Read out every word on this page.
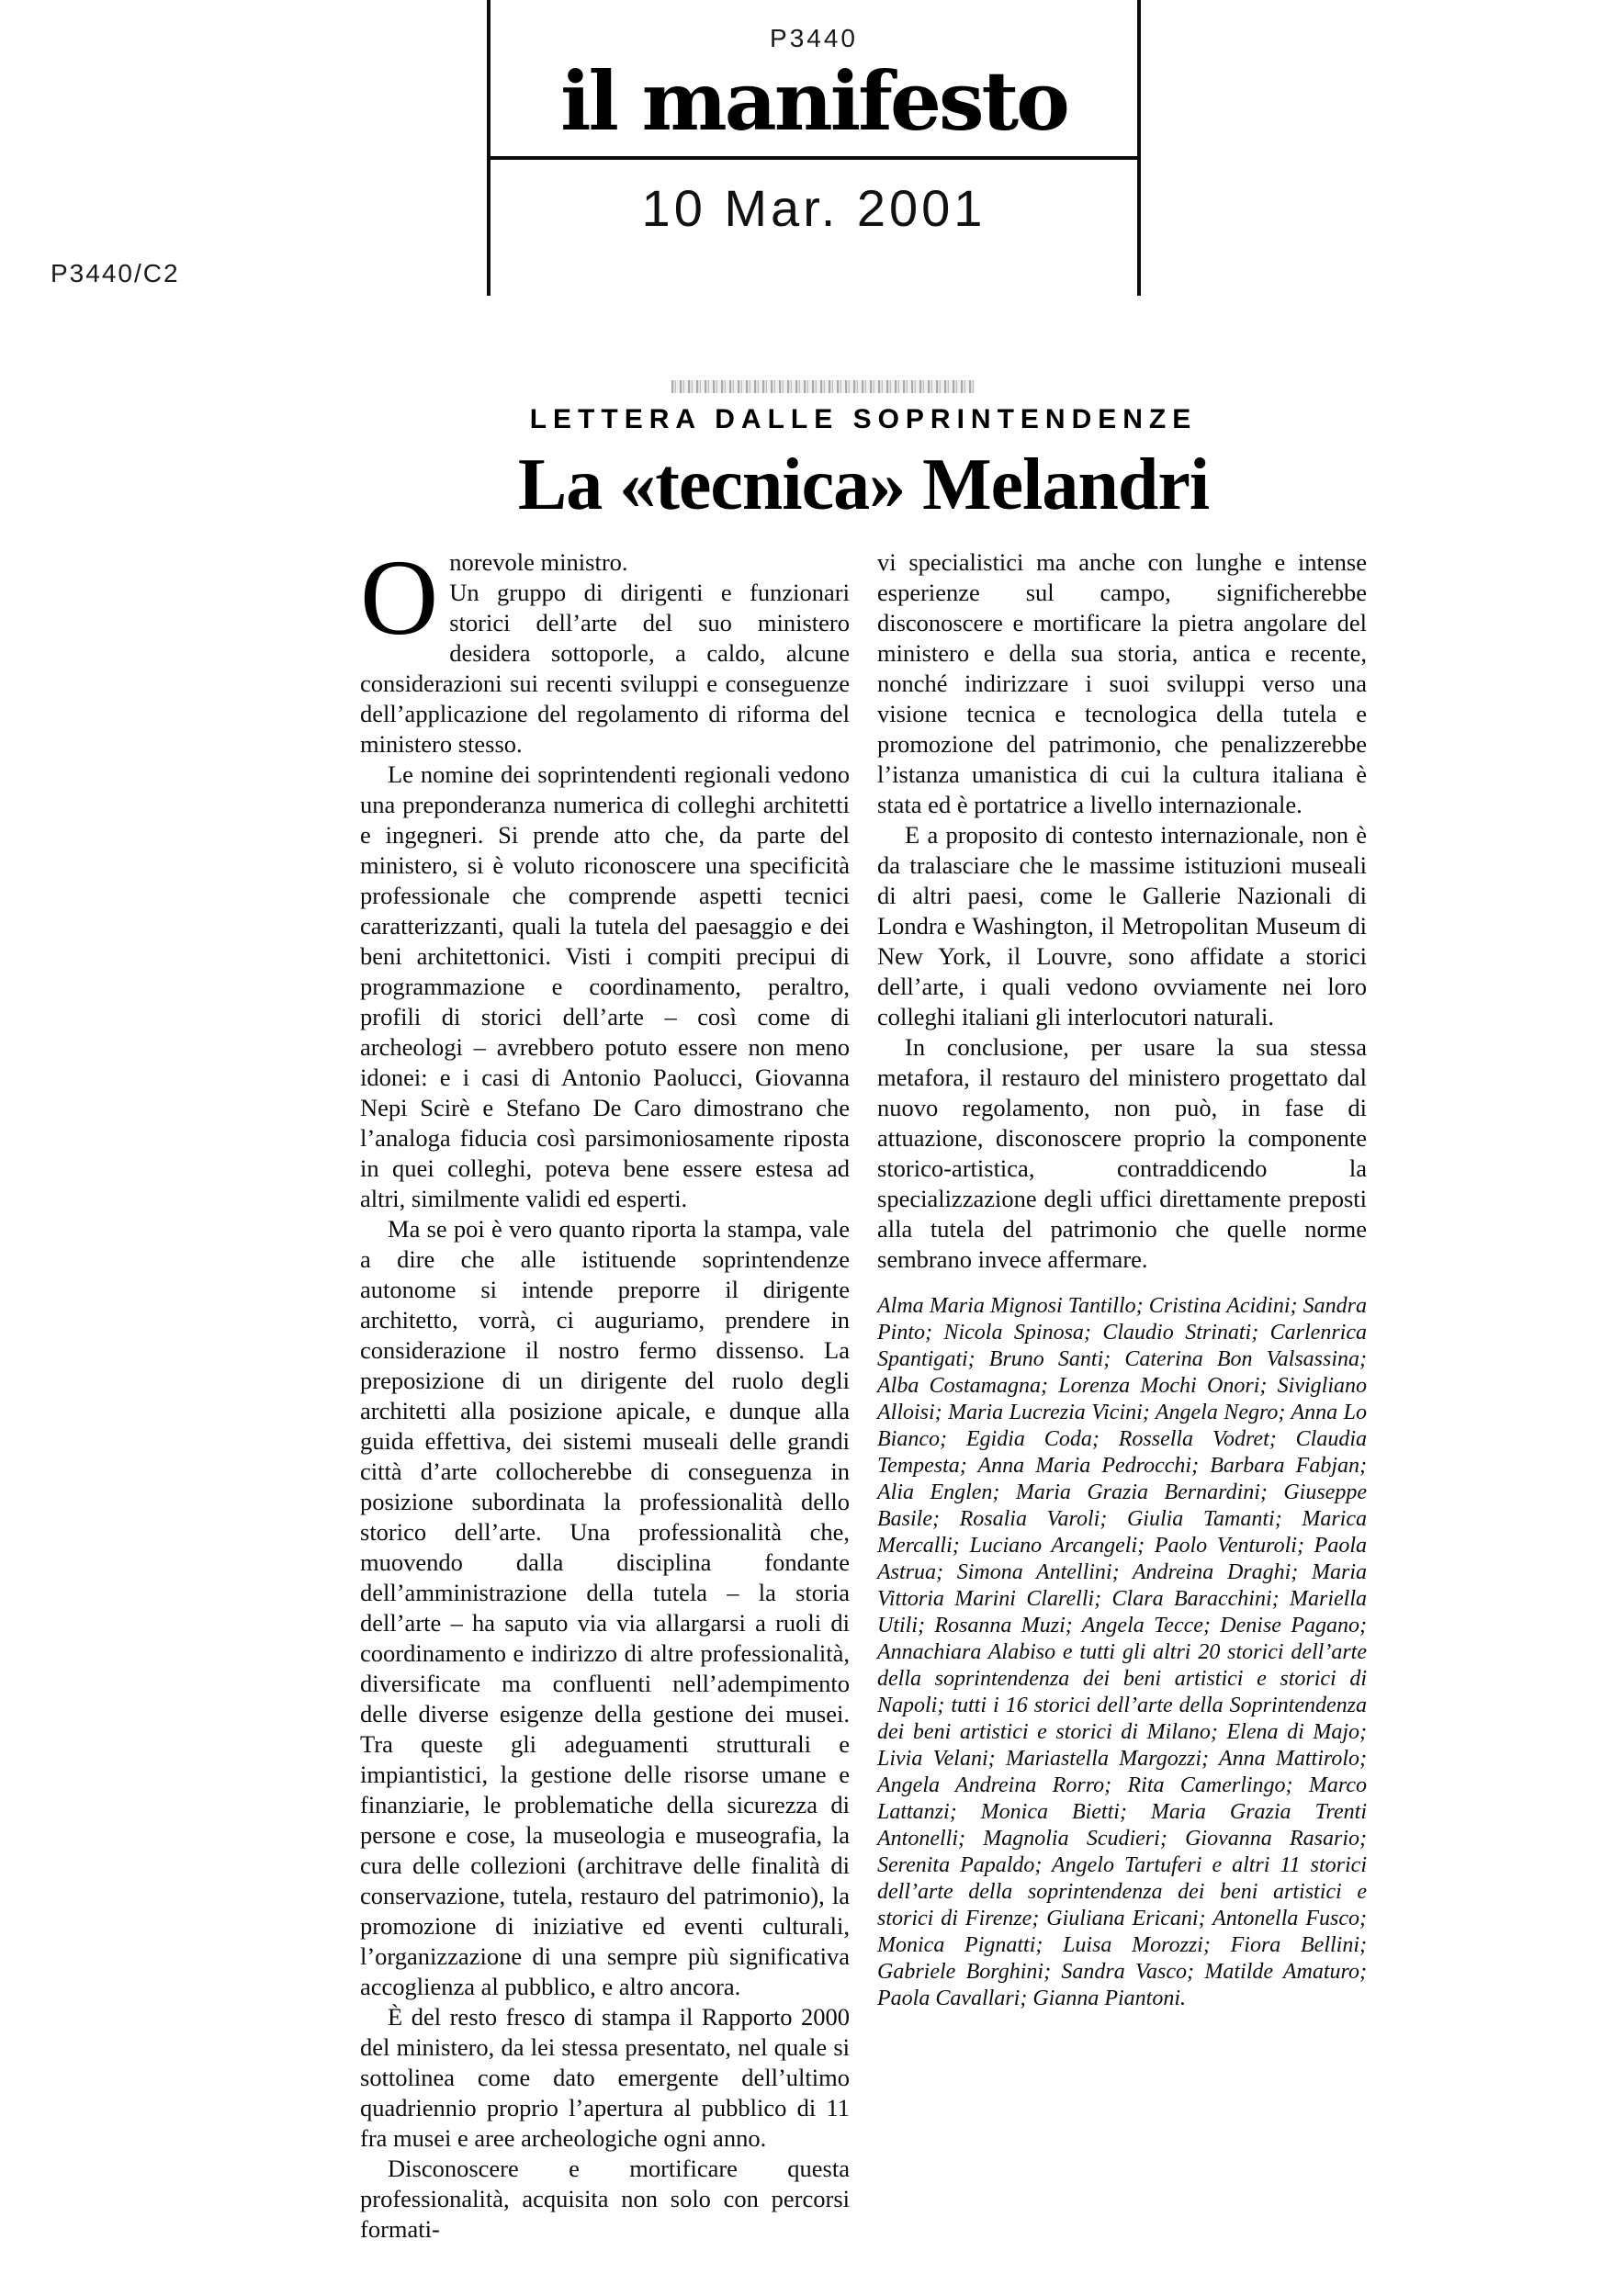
P3440
il manifesto
10 Mar. 2001
P3440/C2
LETTERA DALLE SOPRINTENDENZE
La «tecnica» Melandri

Onorevole ministro.
Un gruppo di dirigenti e funzionari storici dell’arte del suo ministero desidera sottoporle, a caldo, alcune considerazioni sui recenti sviluppi e conseguenze dell’applicazione del regolamento di riforma del ministero stesso.

Le nomine dei soprintendenti regionali vedono una preponderanza numerica di colleghi architetti e ingegneri. Si prende atto che, da parte del ministero, si è voluto riconoscere una specificità professionale che comprende aspetti tecnici caratterizzanti, quali la tutela del paesaggio e dei beni architettonici. Visti i compiti precipui di programmazione e coordinamento, peraltro, profili di storici dell’arte – così come di archeologi – avrebbero potuto essere non meno idonei: e i casi di Antonio Paolucci, Giovanna Nepi Scirè e Stefano De Caro dimostrano che l’analoga fiducia così parsimoniosamente riposta in quei colleghi, poteva bene essere estesa ad altri, similmente validi ed esperti.

Ma se poi è vero quanto riporta la stampa, vale a dire che alle istituende soprintendenze autonome si intende preporre il dirigente architetto, vorrà, ci auguriamo, prendere in considerazione il nostro fermo dissenso. La preposizione di un dirigente del ruolo degli architetti alla posizione apicale, e dunque alla guida effettiva, dei sistemi museali delle grandi città d’arte collocherebbe di conseguenza in posizione subordinata la professionalità dello storico dell’arte. Una professionalità che, muovendo dalla disciplina fondante dell’amministrazione della tutela – la storia dell’arte – ha saputo via via allargarsi a ruoli di coordinamento e indirizzo di altre professionalità, diversificate ma confluenti nell’adempimento delle diverse esigenze della gestione dei musei. Tra queste gli adeguamenti strutturali e impiantistici, la gestione delle risorse umane e finanziarie, le problematiche della sicurezza di persone e cose, la museologia e museografia, la cura delle collezioni (architrave delle finalità di conservazione, tutela, restauro del patrimonio), la promozione di iniziative ed eventi culturali, l’organizzazione di una sempre più significativa accoglienza al pubblico, e altro ancora.

È del resto fresco di stampa il Rapporto 2000 del ministero, da lei stessa presentato, nel quale si sottolinea come dato emergente dell’ultimo quadriennio proprio l’apertura al pubblico di 11 fra musei e aree archeologiche ogni anno.

Disconoscere e mortificare questa professionalità, acquisita non solo con percorsi formati-

vi specialistici ma anche con lunghe e intense esperienze sul campo, significherebbe disconoscere e mortificare la pietra angolare del ministero e della sua storia, antica e recente, nonché indirizzare i suoi sviluppi verso una visione tecnica e tecnologica della tutela e promozione del patrimonio, che penalizzerebbe l’istanza umanistica di cui la cultura italiana è stata ed è portatrice a livello internazionale.

E a proposito di contesto internazionale, non è da tralasciare che le massime istituzioni museali di altri paesi, come le Gallerie Nazionali di Londra e Washington, il Metropolitan Museum di New York, il Louvre, sono affidate a storici dell’arte, i quali vedono ovviamente nei loro colleghi italiani gli interlocutori naturali.

In conclusione, per usare la sua stessa metafora, il restauro del ministero progettato dal nuovo regolamento, non può, in fase di attuazione, disconoscere proprio la componente storico-artistica, contraddicendo la specializzazione degli uffici direttamente preposti alla tutela del patrimonio che quelle norme sembrano invece affermare.

Alma Maria Mignosi Tantillo; Cristina Acidini; Sandra Pinto; Nicola Spinosa; Claudio Strinati; Carlenrica Spantigati; Bruno Santi; Caterina Bon Valsassina; Alba Costamagna; Lorenza Mochi Onori; Sivigliano Alloisi; Maria Lucrezia Vicini; Angela Negro; Anna Lo Bianco; Egidia Coda; Rossella Vodret; Claudia Tempesta; Anna Maria Pedrocchi; Barbara Fabjan; Alia Englen; Maria Grazia Bernardini; Giuseppe Basile; Rosalia Varoli; Giulia Tamanti; Marica Mercalli; Luciano Arcangeli; Paolo Venturoli; Paola Astrua; Simona Antellini; Andreina Draghi; Maria Vittoria Marini Clarelli; Clara Baracchini; Mariella Utili; Rosanna Muzi; Angela Tecce; Denise Pagano; Annachiara Alabiso e tutti gli altri 20 storici dell’arte della soprintendenza dei beni artistici e storici di Napoli; tutti i 16 storici dell’arte della Soprintendenza dei beni artistici e storici di Milano; Elena di Majo; Livia Velani; Mariastella Margozzi; Anna Mattirolo; Angela Andreina Rorro; Rita Camerlingo; Marco Lattanzi; Monica Bietti; Maria Grazia Trenti Antonelli; Magnolia Scudieri; Giovanna Rasario; Serenita Papaldo; Angelo Tartuferi e altri 11 storici dell’arte della soprintendenza dei beni artistici e storici di Firenze; Giuliana Ericani; Antonella Fusco; Monica Pignatti; Luisa Morozzi; Fiora Bellini; Gabriele Borghini; Sandra Vasco; Matilde Amaturo; Paola Cavallari; Gianna Piantoni.
